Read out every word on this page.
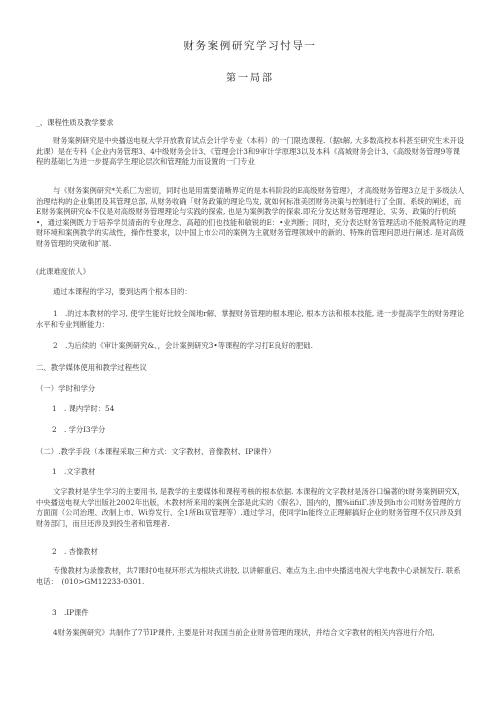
财务案例研究学习忖导一
第一局部

_、课程性质及教学要求

财务案例研究是中央播送电视大学开放教育试点会计学专业（本科）的一门限选课程.（据t解, 大多数高校本科甚至研究生未开设此课）是在专科《企业内务管理3、4中级财务会计3、《管理会计3和9审计学原理3以及本科《高城财务会计3、《高级财务管理9等课程的基础匕为进一步提高学生理论层次和管理能力而设置的一门专业

与《财务案例研究*关系匚为密切，同时也是用需要清晰界定的是本科阶段的E高级财务管理》，才高级财务管理3立足于多级法人治理结构的企业集团及其管理总部, 从财务收确「财务政策的理论鸟发, 就如何标准美团财务决策与控制进行了全面、系统的阐述，而E财务案例研究&不仅是对高级财务管理理论与实践的探索, 也是为案例教学的探索.即充分发达财务管理理论、实务、政策的行机统•，通过案例既力于培养学员清南的专业理念、高超的们也技能和敏锐的E：•业判断；同时，充分表达财务管理活动不能脱离特定的理财环境和案例教学的实战性，操作性要求，以中国上市公司的案例为主就财务管理领域中的新的、特殊的管理问思进行阐述. 是对高级财务管理的突破和扩展.

(此课难度依人》

通过本课程的学习，要到达两个根本目的：

1　.的过本教材的学习, 使学生能好比较全阁地r解、掌握财务管理的根本理论, 根本方法和根本技能, 进一步提高学生的财务理论水平和专业判断能力：

2　.为后续的《审计案例研究&、，会计案例研究3•等课程的学习打E良好的肥础.

二、教学媒体使用和教学过程些议

（一）学时和学分

1　. 课内学时：54

2　. 学分I3学分

（二）.教学手段（本课程采取三种方式：文字教材、音像教材、IP谏件）

1　.文字教材

文字教材是学生学习的主要用书, 是教学的主要媒体和课程考核的根本依据. 本课程的文字教材是汤谷口编著的t财务案例研究X，中央播送电视大学出版社2002年出版，木教材所来用的案例全部是此实的《假名》、国内的，圈%iifiiΓ.涉及到h市公司财务管理的方方面面（公司治理、改制上市、Wi券发行、全1所Bi双管理等）.通过学习，使同学ln能终立正理解搞好企业的财务管理不仅只涉及到财务部门，而旦还涉及到投生者和管理者.

2　. 杏像教材

专像教材为录像教材，共7课时0电视环形式为根块式讲胶, 以讲解重启、难点为主.由中央播送电视大学电教中心录制发行. 联系电话：　(010>GM12233-0301.

3　.IP课件

4财务案例研究》共制作了7节IP课件, 主要是针对我国当前企业财务管理的现状，并结合文字教材的相关内容进行介绍,
